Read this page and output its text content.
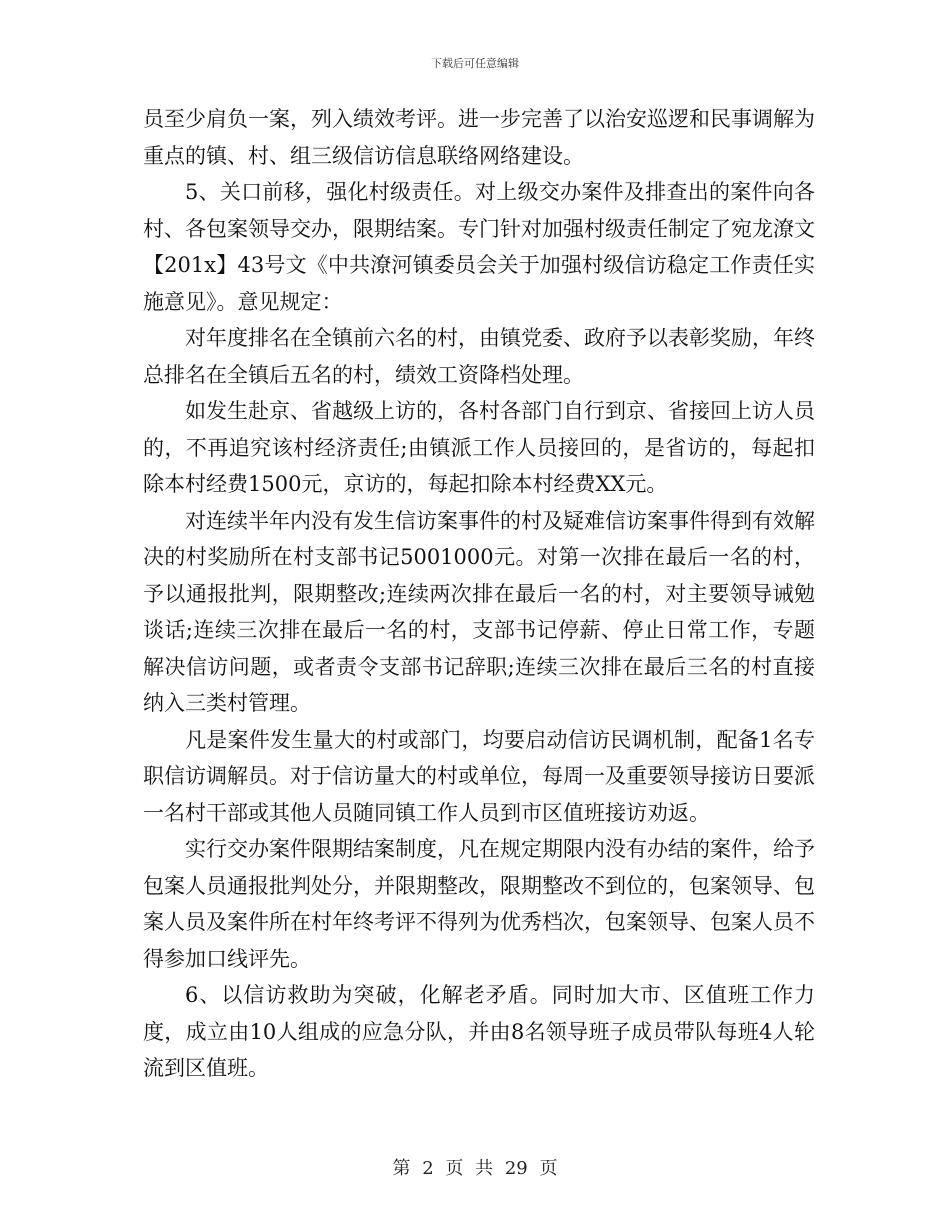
下载后可任意编辑

员至少肩负一案，列入绩效考评。进一步完善了以治安巡逻和民事调解为重点的镇、村、组三级信访信息联络网络建设。

5、关口前移，强化村级责任。对上级交办案件及排查出的案件向各村、各包案领导交办，限期结案。专门针对加强村级责任制定了宛龙潦文【201x】43号文《中共潦河镇委员会关于加强村级信访稳定工作责任实施意见》。意见规定：

对年度排名在全镇前六名的村，由镇党委、政府予以表彰奖励，年终总排名在全镇后五名的村，绩效工资降档处理。

如发生赴京、省越级上访的，各村各部门自行到京、省接回上访人员的，不再追究该村经济责任;由镇派工作人员接回的，是省访的，每起扣除本村经费1500元，京访的，每起扣除本村经费XX元。

对连续半年内没有发生信访案事件的村及疑难信访案事件得到有效解决的村奖励所在村支部书记5001000元。对第一次排在最后一名的村，予以通报批判，限期整改;连续两次排在最后一名的村，对主要领导诫勉谈话;连续三次排在最后一名的村，支部书记停薪、停止日常工作，专题解决信访问题，或者责令支部书记辞职;连续三次排在最后三名的村直接纳入三类村管理。

凡是案件发生量大的村或部门，均要启动信访民调机制，配备1名专职信访调解员。对于信访量大的村或单位，每周一及重要领导接访日要派一名村干部或其他人员随同镇工作人员到市区值班接访劝返。

实行交办案件限期结案制度，凡在规定期限内没有办结的案件，给予包案人员通报批判处分，并限期整改，限期整改不到位的，包案领导、包案人员及案件所在村年终考评不得列为优秀档次，包案领导、包案人员不得参加口线评先。

6、以信访救助为突破，化解老矛盾。同时加大市、区值班工作力度，成立由10人组成的应急分队，并由8名领导班子成员带队每班4人轮流到区值班。

第 2 页 共 29 页
